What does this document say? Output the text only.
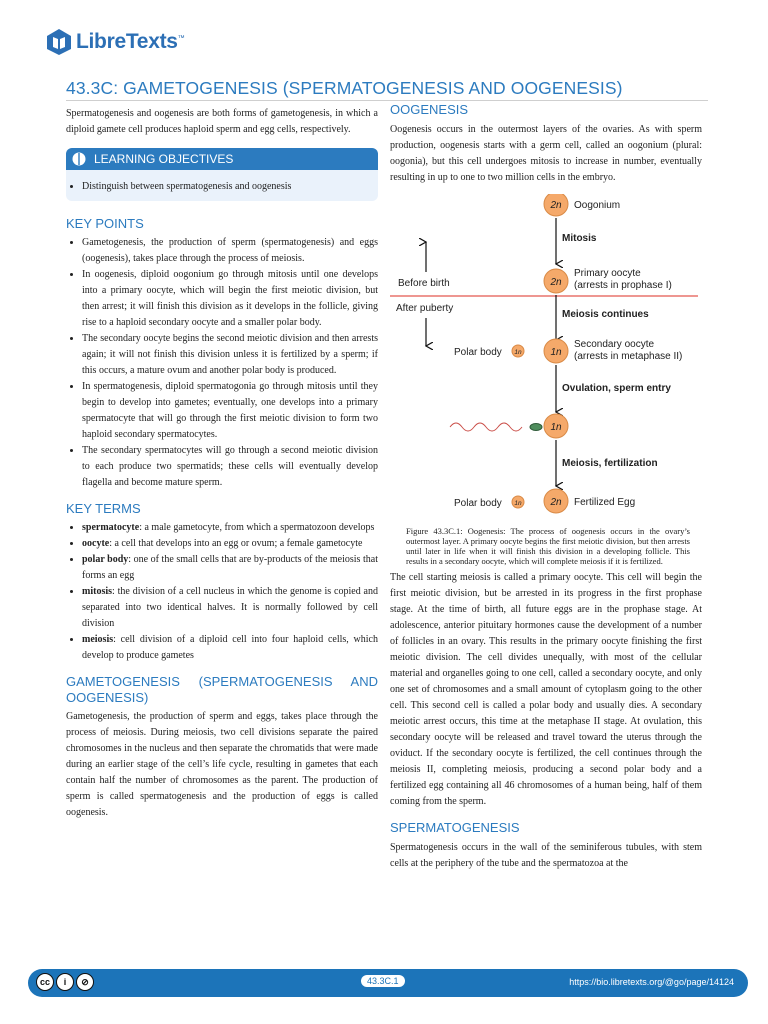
LibreTexts™
43.3C: GAMETOGENESIS (SPERMATOGENESIS AND OOGENESIS)

Spermatogenesis and oogenesis are both forms of gametogenesis, in which a diploid gamete cell produces haploid sperm and egg cells, respectively.

LEARNING OBJECTIVES
• Distinguish between spermatogenesis and oogenesis
KEY POINTS
• Gametogenesis, the production of sperm (spermatogenesis) and eggs (oogenesis), takes place through the process of meiosis.
• In oogenesis, diploid oogonium go through mitosis until one develops into a primary oocyte, which will begin the first meiotic division, but then arrest; it will finish this division as it develops in the follicle, giving rise to a haploid secondary oocyte and a smaller polar body.
• The secondary oocyte begins the second meiotic division and then arrests again; it will not finish this division unless it is fertilized by a sperm; if this occurs, a mature ovum and another polar body is produced.
• In spermatogenesis, diploid spermatogonia go through mitosis until they begin to develop into gametes; eventually, one develops into a primary spermatocyte that will go through the first meiotic division to form two haploid secondary spermatocytes.
• The secondary spermatocytes will go through a second meiotic division to each produce two spermatids; these cells will eventually develop flagella and become mature sperm.
KEY TERMS
• spermatocyte: a male gametocyte, from which a spermatozoon develops
• oocyte: a cell that develops into an egg or ovum; a female gametocyte
• polar body: one of the small cells that are by-products of the meiosis that forms an egg
• mitosis: the division of a cell nucleus in which the genome is copied and separated into two identical halves. It is normally followed by cell division
• meiosis: cell division of a diploid cell into four haploid cells, which develop to produce gametes
GAMETOGENESIS (SPERMATOGENESIS AND OOGENESIS)

Gametogenesis, the production of sperm and eggs, takes place through the process of meiosis. During meiosis, two cell divisions separate the paired chromosomes in the nucleus and then separate the chromatids that were made during an earlier stage of the cell’s life cycle, resulting in gametes that each contain half the number of chromosomes as the parent. The production of sperm is called spermatogenesis and the production of eggs is called oogenesis.

OOGENESIS

Oogenesis occurs in the outermost layers of the ovaries. As with sperm production, oogenesis starts with a germ cell, called an oogonium (plural: oogonia), but this cell undergoes mitosis to increase in number, eventually resulting in up to one to two million cells in the embryo.

2n Oogonium
Mitosis
2n
Primary oocyte
(arrests in prophase I)
Before birth
After puberty
Meiosis continues
Polar body 1n	1n
Secondary oocyte
(arrests in metaphase II)
Ovulation, sperm entry
1n
Meiosis, fertilization
Polar body 1n	2n Fertilized Egg

Figure 43.3C.1: Oogenesis: The process of oogenesis occurs in the ovary’s outermost layer. A primary oocyte begins the first meiotic division, but then arrests until later in life when it will finish this division in a developing follicle. This results in a secondary oocyte, which will complete meiosis if it is fertilized.

The cell starting meiosis is called a primary oocyte. This cell will begin the first meiotic division, but be arrested in its progress in the first prophase stage. At the time of birth, all future eggs are in the prophase stage. At adolescence, anterior pituitary hormones cause the development of a number of follicles in an ovary. This results in the primary oocyte finishing the first meiotic division. The cell divides unequally, with most of the cellular material and organelles going to one cell, called a secondary oocyte, and only one set of chromosomes and a small amount of cytoplasm going to the other cell. This second cell is called a polar body and usually dies. A secondary meiotic arrest occurs, this time at the metaphase II stage. At ovulation, this secondary oocyte will be released and travel toward the uterus through the oviduct. If the secondary oocyte is fertilized, the cell continues through the meiosis II, completing meiosis, producing a second polar body and a fertilized egg containing all 46 chromosomes of a human being, half of them coming from the sperm.

SPERMATOGENESIS

Spermatogenesis occurs in the wall of the seminiferous tubules, with stem cells at the periphery of the tube and the spermatozoa at the

cc	i	⊘	43.3C.1	https://bio.libretexts.org/@go/page/14124
